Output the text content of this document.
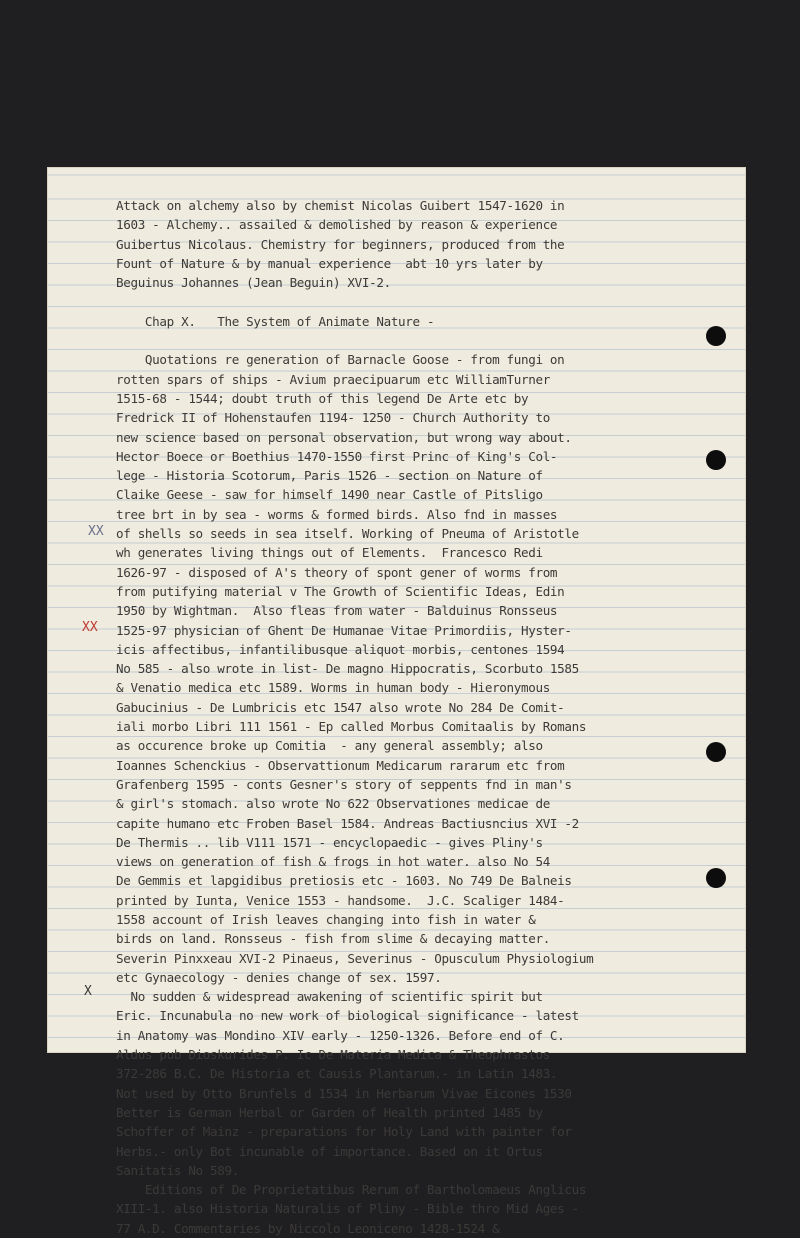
Attack on alchemy also by chemist Nicolas Guibert 1547-1620 in
1603 - Alchemy.. assailed & demolished by reason & experience
Guibertus Nicolaus. Chemistry for beginners, produced from the
Fount of Nature & by manual experience  abt 10 yrs later by
Beguinus Johannes (Jean Beguin) XVI-2.

Chap X.   The System of Animate Nature -

Quotations re generation of Barnacle Goose - from fungi on
rotten spars of ships - Avium praecipuarum etc WilliamTurner
1515-68 - 1544; doubt truth of this legend De Arte etc by
Fredrick II of Hohenstaufen 1194- 1250 - Church Authority to
new science based on personal observation, but wrong way about.
Hector Boece or Boethius 1470-1550 first Princ of King's Col-
lege - Historia Scotorum, Paris 1526 - section on Nature of
Claike Geese - saw for himself 1490 near Castle of Pitsligo
tree brt in by sea - worms & formed birds. Also fnd in masses
of shells so seeds in sea itself. Working of Pneuma of Aristotle
wh generates living things out of Elements.  Francesco Redi
1626-97 - disposed of A's theory of spont gener of worms from
from putifying material v The Growth of Scientific Ideas, Edin
1950 by Wightman.  Also fleas from water - Balduinus Ronsseus
1525-97 physician of Ghent De Humanae Vitae Primordiis, Hyster-
icis affectibus, infantilibusque aliquot morbis, centones 1594
No 585 - also wrote in list- De magno Hippocratis, Scorbuto 1585
& Venatio medica etc 1589. Worms in human body - Hieronymous
Gabucinius - De Lumbricis etc 1547 also wrote No 284 De Comit-
iali morbo Libri 111 1561 - Ep called Morbus Comitaalis by Romans
as occurence broke up Comitia  - any general assembly; also
Ioannes Schenckius - Observattionum Medicarum rararum etc from
Grafenberg 1595 - conts Gesner's story of seppents fnd in man's
& girl's stomach. also wrote No 622 Observationes medicae de
capite humano etc Froben Basel 1584. Andreas Bactiusncius XVI -2
De Thermis .. lib V111 1571 - encyclopaedic - gives Pliny's
views on generation of fish & frogs in hot water. also No 54
De Gemmis et lapgidibus pretiosis etc - 1603. No 749 De Balneis
printed by Iunta, Venice 1553 - handsome.  J.C. Scaliger 1484-
1558 account of Irish leaves changing into fish in water &
birds on land. Ronsseus - fish from slime & decaying matter.
Severin Pinxxeau XVI-2 Pinaeus, Severinus - Opusculum Physiologium
etc Gynaecology - denies change of sex. 1597.
No sudden & widespread awakening of scientific spirit but
Eric. Incunabula no new work of biological significance - latest
in Anatomy was Mondino XIV early - 1250-1326. Before end of C.
Aldus pub Dioskurides P. Ic De Materia Medica & Theophrastos
372-286 B.C. De Historia et Causis Plantarum.- in Latin 1483.
Not used by Otto Brunfels d 1534 in Herbarum Vivae Eicones 1530
Better is German Herbal or Garden of Health printed 1485 by
Schoffer of Mainz - preparations for Holy Land with painter for
Herbs.- only Bot incunable of importance. Based on it Ortus
Sanitatis No 589.
Editions of De Proprietatibus Rerum of Bartholomaeus Anglicus
XIII-1. also Historia Naturalis of Pliny - Bible thro Mid Ages -
77 A.D. Commentaries by Niccolo Leoniceno 1428-1524 &

XX
XX
X
